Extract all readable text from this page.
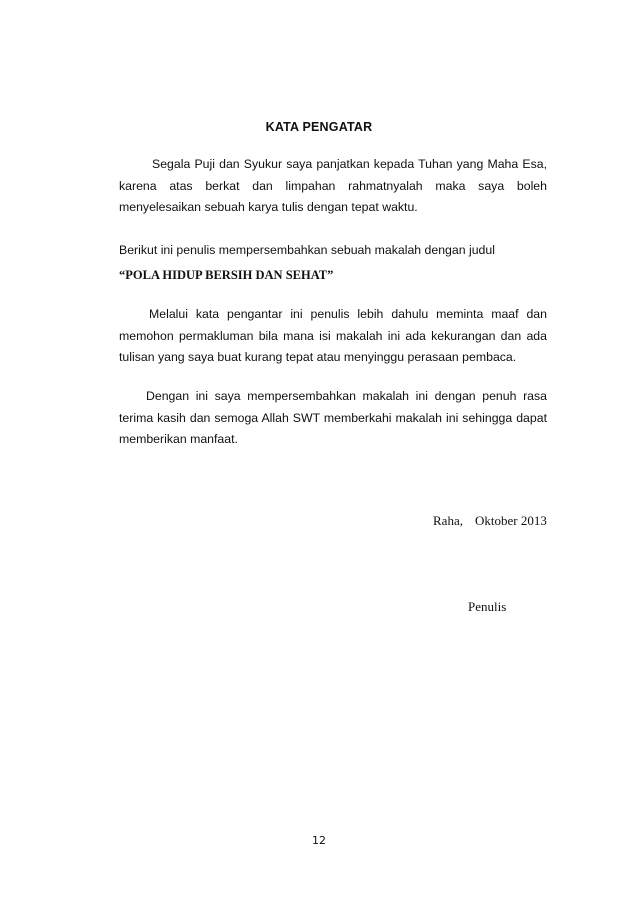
KATA PENGATAR
Segala Puji dan Syukur saya panjatkan kepada Tuhan yang Maha Esa, karena atas berkat dan limpahan rahmatnyalah maka saya boleh menyelesaikan sebuah karya tulis dengan tepat waktu.
Berikut ini penulis mempersembahkan sebuah makalah dengan judul
“POLA HIDUP BERSIH DAN SEHAT”
Melalui kata pengantar ini penulis lebih dahulu meminta maaf dan memohon permakluman bila mana isi makalah ini ada kekurangan dan ada tulisan yang saya buat kurang tepat atau menyinggu perasaan pembaca.
Dengan ini saya mempersembahkan makalah ini dengan penuh rasa terima kasih dan semoga Allah SWT memberkahi makalah ini sehingga dapat memberikan manfaat.
Raha, Oktober 2013
Penulis
12
